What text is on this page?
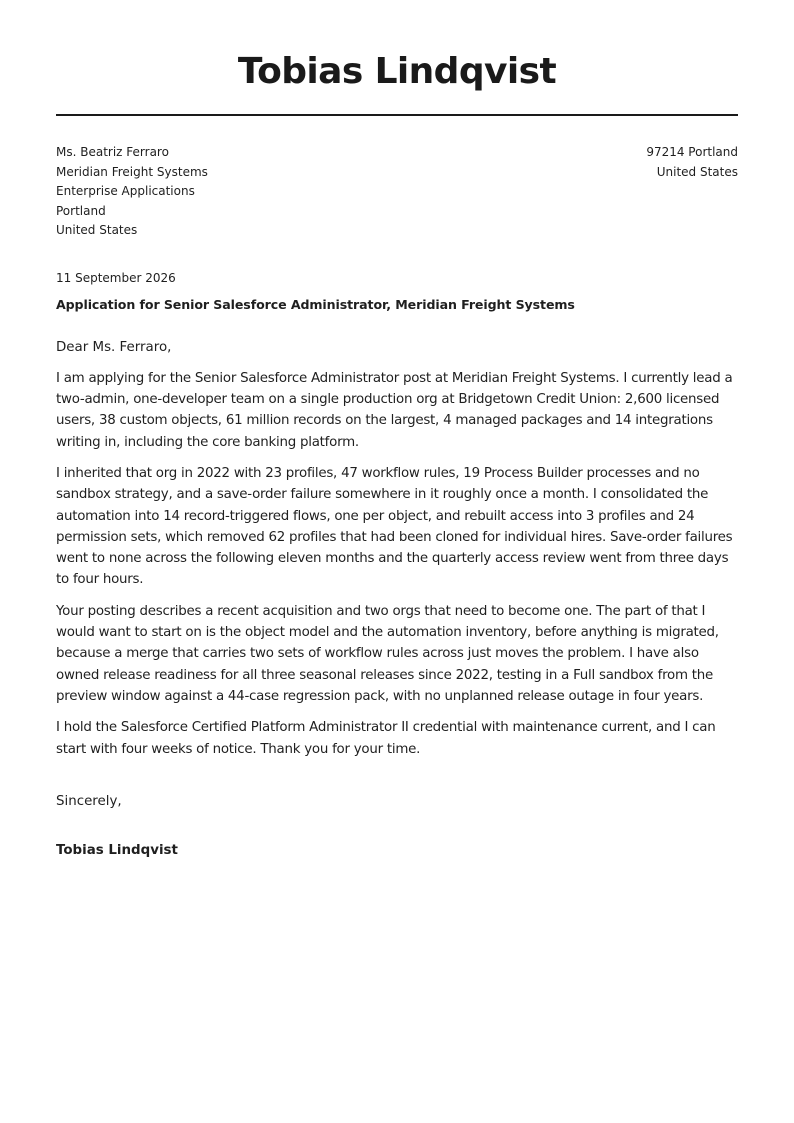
Tobias Lindqvist
Ms. Beatriz Ferraro
Meridian Freight Systems
Enterprise Applications
Portland
United States
97214 Portland
United States
11 September 2026
Application for Senior Salesforce Administrator, Meridian Freight Systems
Dear Ms. Ferraro,

I am applying for the Senior Salesforce Administrator post at Meridian Freight Systems. I currently lead a two-admin, one-developer team on a single production org at Bridgetown Credit Union: 2,600 licensed users, 38 custom objects, 61 million records on the largest, 4 managed packages and 14 integrations writing in, including the core banking platform.

I inherited that org in 2022 with 23 profiles, 47 workflow rules, 19 Process Builder processes and no sandbox strategy, and a save-order failure somewhere in it roughly once a month. I consolidated the automation into 14 record-triggered flows, one per object, and rebuilt access into 3 profiles and 24 permission sets, which removed 62 profiles that had been cloned for individual hires. Save-order failures went to none across the following eleven months and the quarterly access review went from three days to four hours.

Your posting describes a recent acquisition and two orgs that need to become one. The part of that I would want to start on is the object model and the automation inventory, before anything is migrated, because a merge that carries two sets of workflow rules across just moves the problem. I have also owned release readiness for all three seasonal releases since 2022, testing in a Full sandbox from the preview window against a 44-case regression pack, with no unplanned release outage in four years.

I hold the Salesforce Certified Platform Administrator II credential with maintenance current, and I can start with four weeks of notice. Thank you for your time.

Sincerely,
Tobias Lindqvist
